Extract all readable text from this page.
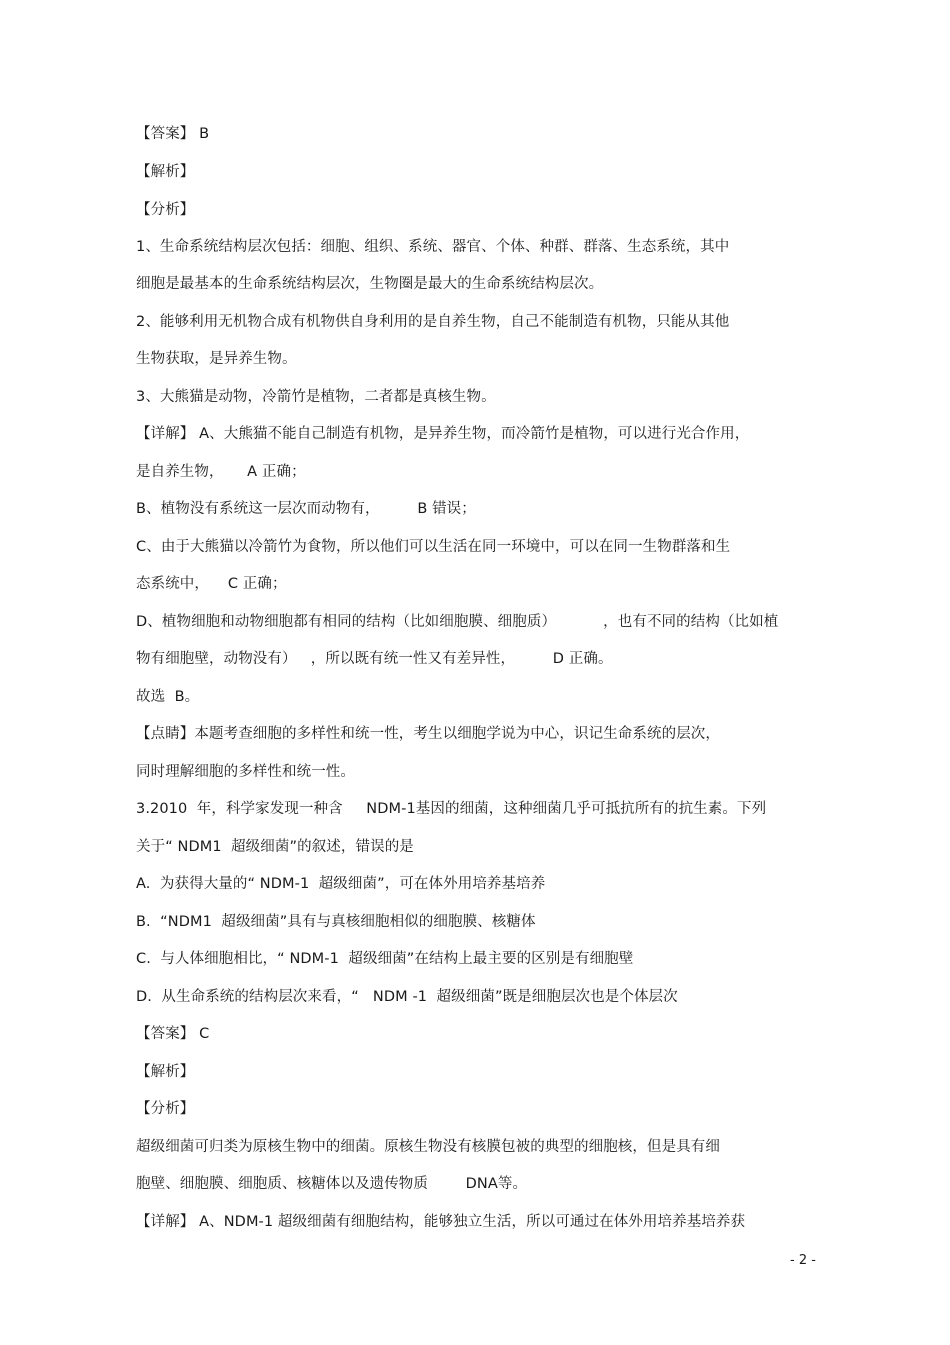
【答案】 B
【解析】
【分析】
1、生命系统结构层次包括：细胞、组织、系统、器官、个体、种群、群落、生态系统，其中
细胞是最基本的生命系统结构层次，生物圈是最大的生命系统结构层次。
2、能够利用无机物合成有机物供自身利用的是自养生物，自己不能制造有机物，只能从其他
生物获取，是异养生物。
3、大熊猫是动物，冷箭竹是植物，二者都是真核生物。
【详解】 A、大熊猫不能自己制造有机物，是异养生物，而冷箭竹是植物，可以进行光合作用，
是自养生物，     A 正确；
B、植物没有系统这一层次而动物有，        B 错误；
C、由于大熊猫以冷箭竹为食物，所以他们可以生活在同一环境中，可以在同一生物群落和生
态系统中，    C 正确；
D、植物细胞和动物细胞都有相同的结构（比如细胞膜、细胞质）          ，也有不同的结构（比如植
物有细胞壁，动物没有）   ，所以既有统一性又有差异性，        D 正确。
故选  B。
【点睛】本题考查细胞的多样性和统一性，考生以细胞学说为中心，识记生命系统的层次，
同时理解细胞的多样性和统一性。
3.2010  年，科学家发现一种含     NDM-1基因的细菌，这种细菌几乎可抵抗所有的抗生素。下列
关于“ NDM1  超级细菌”的叙述，错误的是
A.  为获得大量的“ NDM-1  超级细菌”，可在体外用培养基培养
B.  “NDM1  超级细菌”具有与真核细胞相似的细胞膜、核糖体
C.  与人体细胞相比，“ NDM-1  超级细菌”在结构上最主要的区别是有细胞壁
D.  从生命系统的结构层次来看，“   NDM -1  超级细菌”既是细胞层次也是个体层次
【答案】 C
【解析】
【分析】
超级细菌可归类为原核生物中的细菌。原核生物没有核膜包被的典型的细胞核，但是具有细
胞壁、细胞膜、细胞质、核糖体以及遗传物质        DNA等。
【详解】 A、NDM-1 超级细菌有细胞结构，能够独立生活，所以可通过在体外用培养基培养获
- 2 -
